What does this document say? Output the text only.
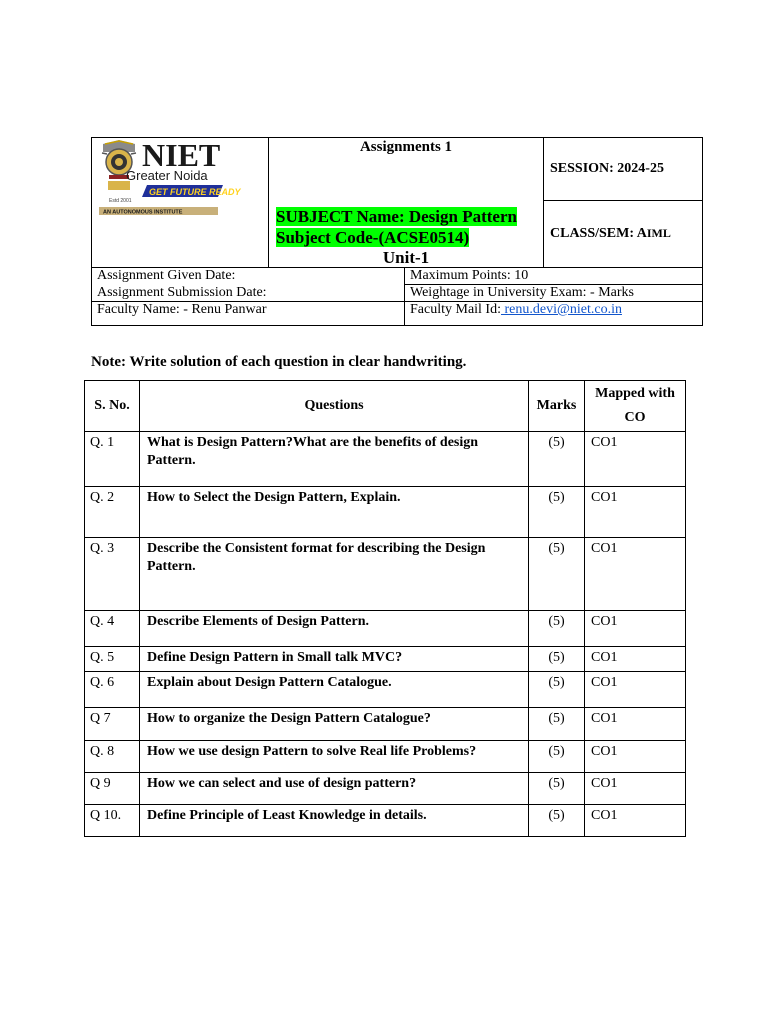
NIET
Greater Noida
GET FUTURE READY
Estd 2001
AN AUTONOMOUS INSTITUTE

Assignments 1
SUBJECT Name: Design Pattern
Subject Code-(ACSE0514)
Unit-1
	SESSION: 2024-25
CLASS/SEM: AIML
Assignment Given Date:	Maximum Points: 10
Assignment Submission Date:	Weightage in University Exam: - Marks
Faculty Name: - Renu Panwar	Faculty Mail Id: renu.devi@niet.co.in
Note: Write solution of each question in clear handwriting.
S. No.	Questions	Marks	Mapped with
CO
Q. 1	What is Design Pattern?What are the benefits of design Pattern.	(5)	CO1
Q. 2	How to Select the Design Pattern, Explain.	(5)	CO1
Q. 3	Describe the Consistent format for describing the Design Pattern.	(5)	CO1
Q. 4	Describe Elements of Design Pattern.	(5)	CO1
Q. 5	Define Design Pattern in Small talk MVC?	(5)	CO1
Q. 6	Explain about Design Pattern Catalogue.	(5)	CO1
Q 7	How to organize the Design Pattern Catalogue?	(5)	CO1
Q. 8	How we use design Pattern to solve Real life Problems?	(5)	CO1
Q 9	How we can select and use of design pattern?	(5)	CO1
Q 10.	Define Principle of Least Knowledge in details.	(5)	CO1
